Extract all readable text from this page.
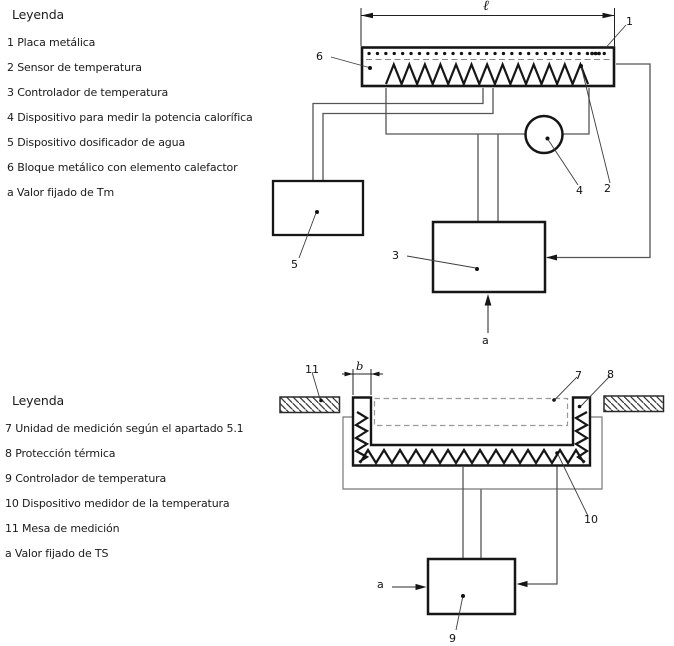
Leyenda
1 Placa metálica
2 Sensor de temperatura
3 Controlador de temperatura
4 Dispositivo para medir la potencia calorífica
5 Dispositivo dosificador de agua
6 Bloque metálico con elemento calefactor
a Valor fijado de Tm
Leyenda
7 Unidad de medición según el apartado 5.1
8 Protección térmica
9 Controlador de temperatura
10 Dispositivo medidor de la temperatura
11 Mesa de medición
a Valor fijado de TS
ℓ
1
6
4 2
5
3
a
11	b
7 8
10
9
a
